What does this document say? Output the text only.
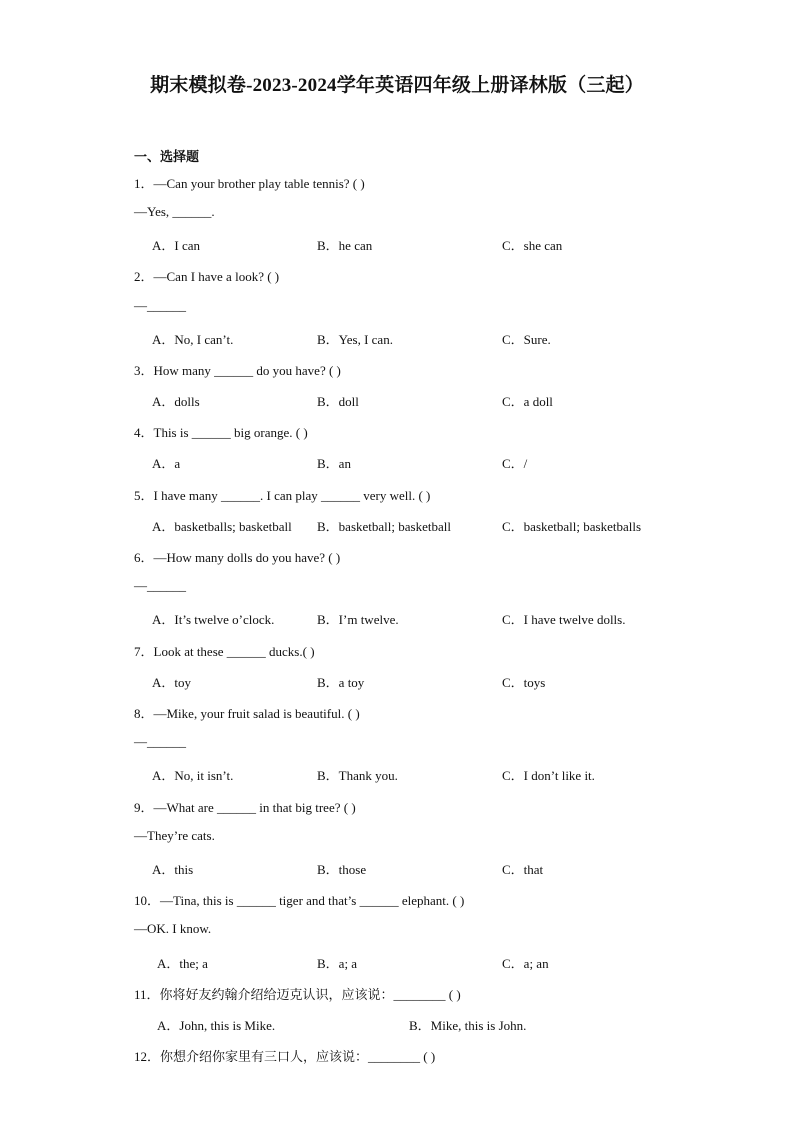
期末模拟卷-2023-2024学年英语四年级上册译林版（三起）
一、选择题
1．—Can your brother play table tennis? ( )
—Yes, ______.
A．I can	B．he can	C．she can
2．—Can I have a look? ( )
—______
A．No, I can’t.	B．Yes, I can.	C．Sure.
3．How many ______ do you have? ( )
A．dolls	B．doll	C．a doll
4．This is ______ big orange. ( )
A．a	B．an	C．/
5．I have many ______. I can play ______ very well. ( )
A．basketballs; basketball B．basketball; basketball	C．basketball; basketballs
6．—How many dolls do you have? ( )
—______
A．It’s twelve o’clock.	B．I’m twelve.	C．I have twelve dolls.
7．Look at these ______ ducks.( )
A．toy	B．a toy	C．toys
8．—Mike, your fruit salad is beautiful. ( )
—______
A．No, it isn’t.	B．Thank you.	C．I don’t like it.
9．—What are ______ in that big tree? ( )
—They’re cats.
A．this	B．those	C．that
10．—Tina, this is ______ tiger and that’s ______ elephant. ( )
—OK. I know.
A．the; a	B．a; a	C．a; an
11．你将好友约翰介绍给迈克认识，应该说：________ ( )
A．John, this is Mike.	B．Mike, this is John.
12．你想介绍你家里有三口人，应该说：________ ( )
